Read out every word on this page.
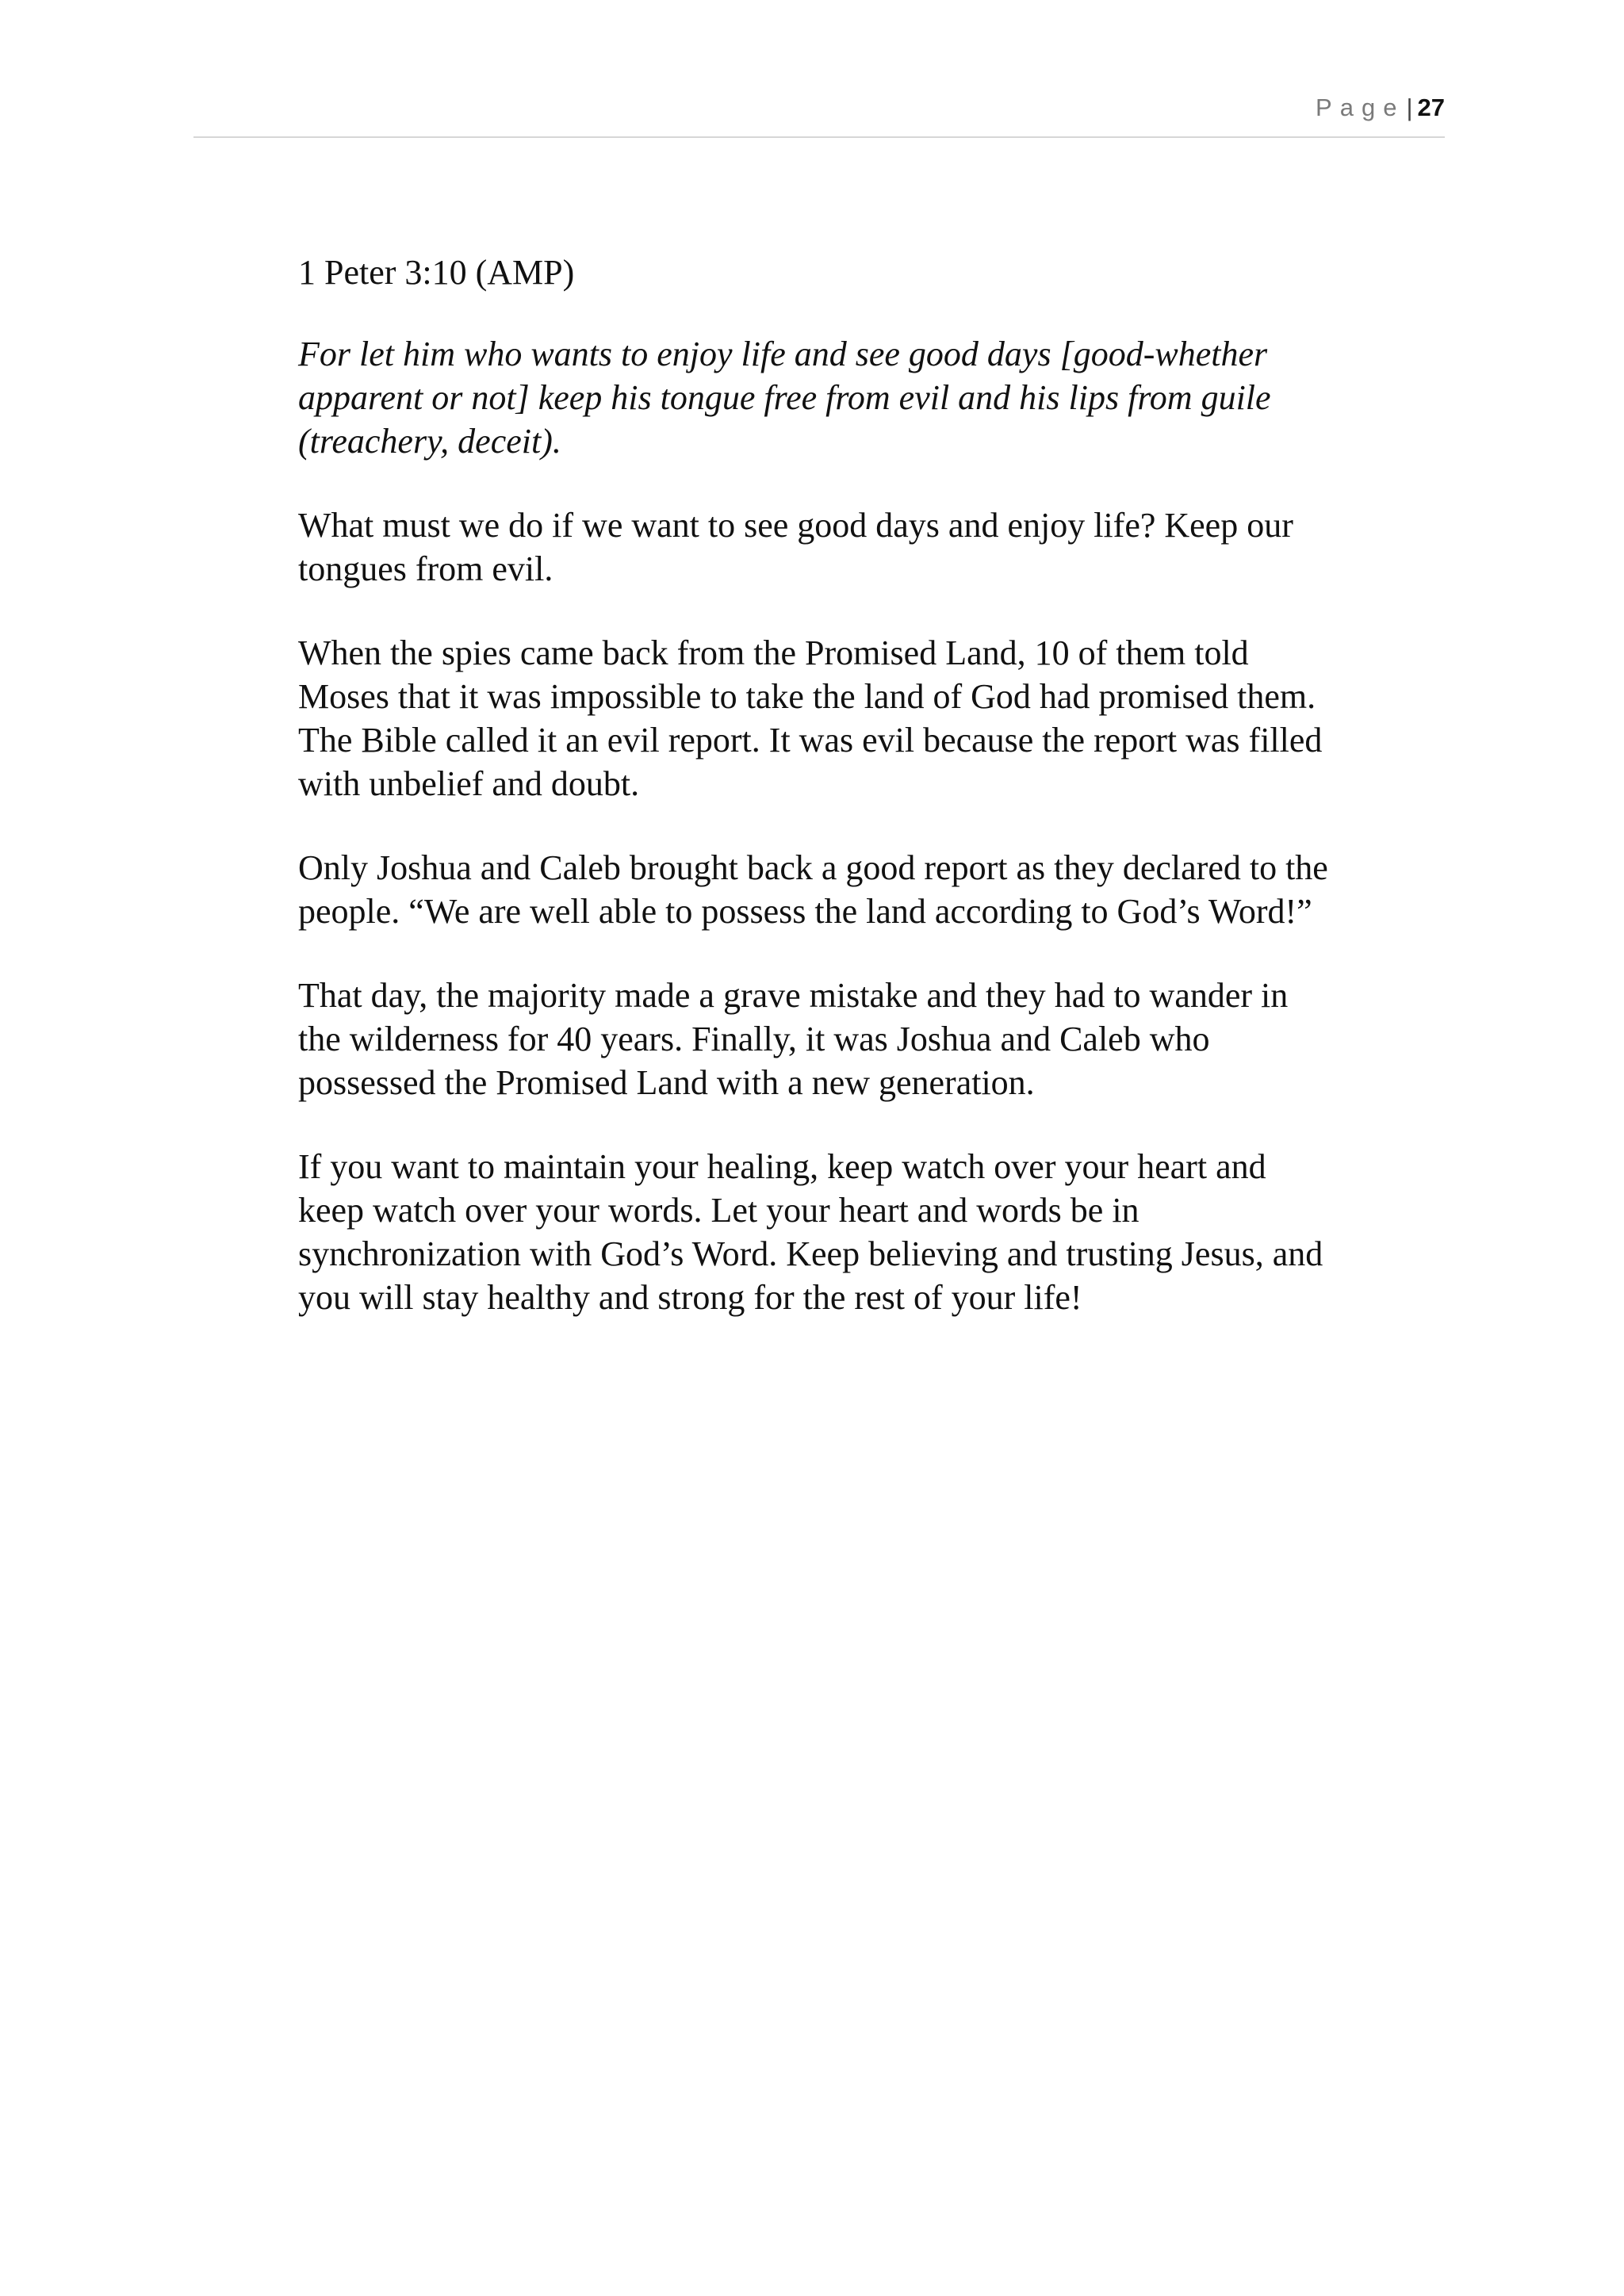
Page| 27

1 Peter 3:10 (AMP)

For let him who wants to enjoy life and see good days [good-whether
apparent or not] keep his tongue free from evil and his lips from guile
(treachery, deceit).

What must we do if we want to see good days and enjoy life? Keep our
tongues from evil.

When the spies came back from the Promised Land, 10 of them told
Moses that it was impossible to take the land of God had promised them.
The Bible called it an evil report. It was evil because the report was filled
with unbelief and doubt.

Only Joshua and Caleb brought back a good report as they declared to the
people. “We are well able to possess the land according to God’s Word!”

That day, the majority made a grave mistake and they had to wander in
the wilderness for 40 years. Finally, it was Joshua and Caleb who
possessed the Promised Land with a new generation.

If you want to maintain your healing, keep watch over your heart and
keep watch over your words. Let your heart and words be in
synchronization with God’s Word. Keep believing and trusting Jesus, and
you will stay healthy and strong for the rest of your life!
